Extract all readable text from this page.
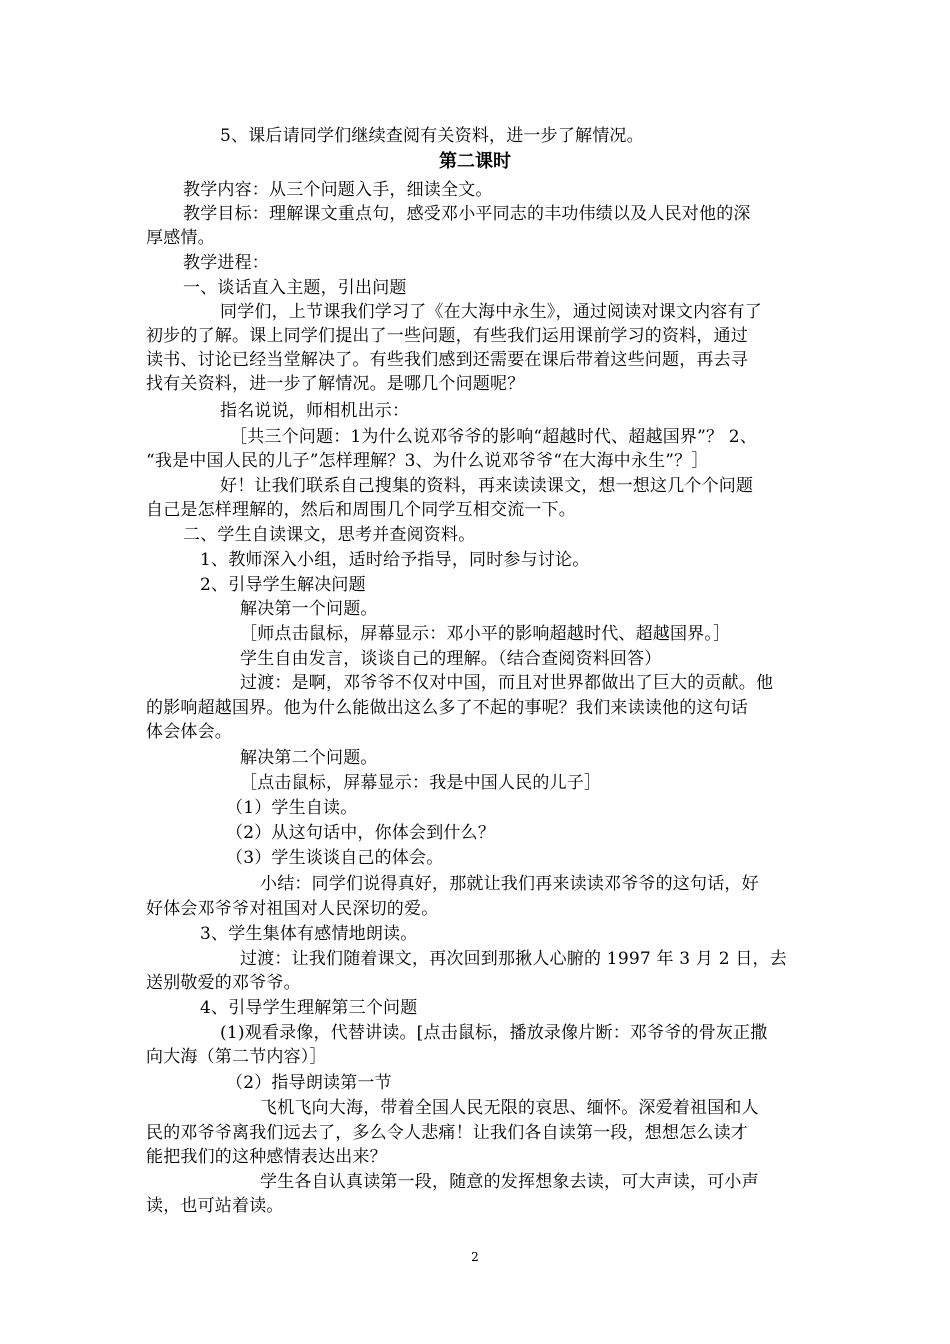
5、课后请同学们继续查阅有关资料，进一步了解情况。
第二课时
教学内容：从三个问题入手，细读全文。
教学目标：理解课文重点句，感受邓小平同志的丰功伟绩以及人民对他的深
厚感情。
教学进程：
一、谈话直入主题，引出问题
同学们，上节课我们学习了《在大海中永生》，通过阅读对课文内容有了
初步的了解。课上同学们提出了一些问题，有些我们运用课前学习的资料，通过
读书、讨论已经当堂解决了。有些我们感到还需要在课后带着这些问题，再去寻
找有关资料，进一步了解情况。是哪几个问题呢？
指名说说，师相机出示：
［共三个问题：1为什么说邓爷爷的影响“超越时代、超越国界”？ 2、
“我是中国人民的儿子”怎样理解？3、为什么说邓爷爷“在大海中永生”？］
好！让我们联系自己搜集的资料，再来读读课文，想一想这几个个问题
自己是怎样理解的，然后和周围几个同学互相交流一下。
二、学生自读课文，思考并查阅资料。
1、教师深入小组，适时给予指导，同时参与讨论。
2、引导学生解决问题
解决第一个问题。
［师点击鼠标，屏幕显示：邓小平的影响超越时代、超越国界。］
学生自由发言，谈谈自己的理解。（结合查阅资料回答）
过渡：是啊，邓爷爷不仅对中国，而且对世界都做出了巨大的贡献。他
的影响超越国界。他为什么能做出这么多了不起的事呢？我们来读读他的这句话
体会体会。
解决第二个问题。
［点击鼠标，屏幕显示：我是中国人民的儿子］
（1）学生自读。
（2）从这句话中，你体会到什么？
（3）学生谈谈自己的体会。
小结：同学们说得真好，那就让我们再来读读邓爷爷的这句话，好
好体会邓爷爷对祖国对人民深切的爱。
3、学生集体有感情地朗读。
过渡：让我们随着课文，再次回到那揪人心腑的 1997 年 3 月 2 日，去
送别敬爱的邓爷爷。
4、引导学生理解第三个问题
(1)观看录像，代替讲读。[点击鼠标，播放录像片断：邓爷爷的骨灰正撒
向大海（第二节内容）］
（2）指导朗读第一节
飞机飞向大海，带着全国人民无限的哀思、缅怀。深爱着祖国和人
民的邓爷爷离我们远去了，多么令人悲痛！让我们各自读第一段，想想怎么读才
能把我们的这种感情表达出来？
学生各自认真读第一段，随意的发挥想象去读，可大声读，可小声
读，也可站着读。
2
